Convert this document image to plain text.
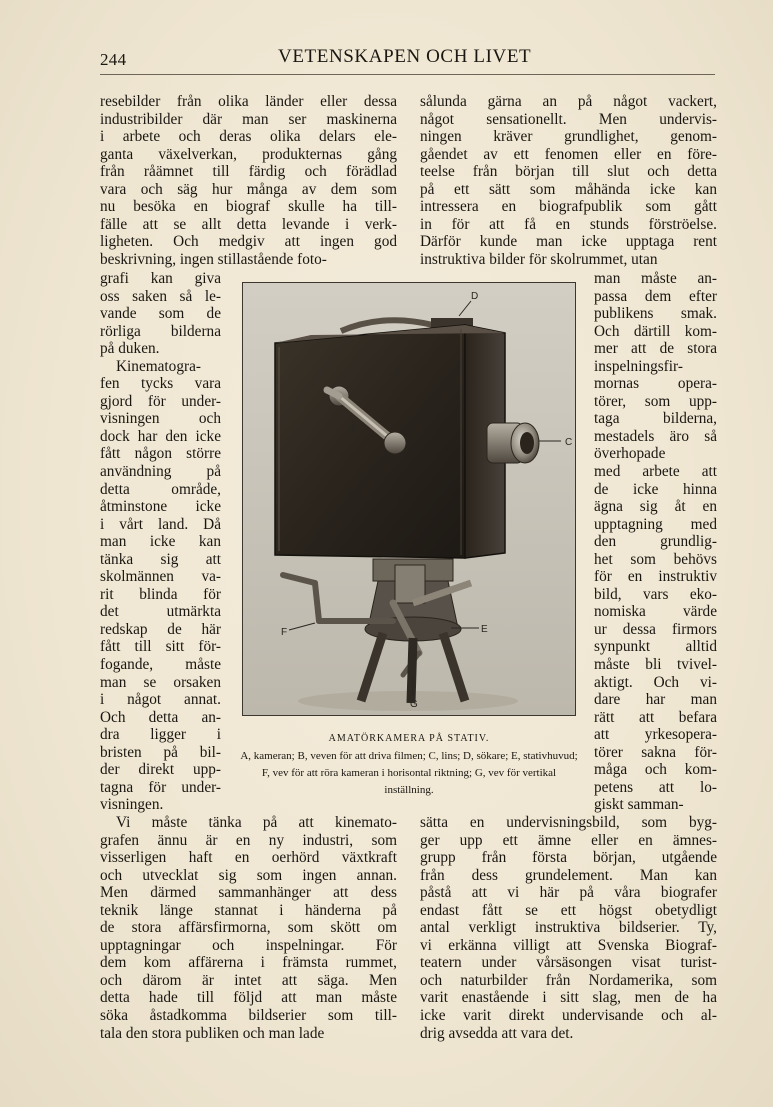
244	VETENSKAPEN OCH LIVET
resebilder från olika länder eller dessa
industribilder där man ser maskinerna
i arbete och deras olika delars ele-
ganta växelverkan, produkternas gång
från råämnet till färdig och förädlad
vara och säg hur många av dem som
nu besöka en biograf skulle ha till-
fälle att se allt detta levande i verk-
ligheten. Och medgiv att ingen god
beskrivning, ingen stillastående foto-
grafi kan giva
oss saken så le-
vande som de
rörliga bilderna
på duken.
Kinematogra-
fen tycks vara
gjord för under-
visningen och
dock har den icke
fått någon större
användning på
detta område,
åtminstone icke
i vårt land. Då
man icke kan
tänka sig att
skolmännen va-
rit blinda för
det utmärkta
redskap de här
fått till sitt för-
fogande, måste
man se orsaken
i något annat.
Och detta an-
dra ligger i
bristen på bil-
der direkt upp-
tagna för under-
visningen.
Vi måste tänka på att kinemato-
grafen ännu är en ny industri, som
visserligen haft en oerhörd växtkraft
och utvecklat sig som ingen annan.
Men därmed sammanhänger att dess
teknik länge stannat i händerna på
de stora affärsfirmorna, som skött om
upptagningar och inspelningar. För
dem kom affärerna i främsta rummet,
och därom är intet att säga. Men
detta hade till följd att man måste
söka åstadkomma bildserier som till-
tala den stora publiken och man lade
sålunda gärna an på något vackert,
något sensationellt. Men undervis-
ningen kräver grundlighet, genom-
gåendet av ett fenomen eller en före-
teelse från början till slut och detta
på ett sätt som måhända icke kan
intressera en biografpublik som gått
in för att få en stunds förströelse.
Därför kunde man icke upptaga rent
instruktiva bilder för skolrummet, utan
man måste an-
passa dem efter
publikens smak.
Och därtill kom-
mer att de stora
inspelningsfir-
mornas opera-
törer, som upp-
taga bilderna,
mestadels äro så
överhopade
med arbete att
de icke hinna
ägna sig åt en
upptagning med
den grundlig-
het som behövs
för en instruktiv
bild, vars eko-
nomiska värde
ur dessa firmors
synpunkt alltid
måste bli tvivel-
aktigt. Och vi-
dare har man
rätt att befara
att yrkesopera-
törer sakna för-
måga och kom-
petens att lo-
giskt samman-
sätta en undervisningsbild, som byg-
ger upp ett ämne eller en ämnes-
grupp från första början, utgående
från dess grundelement. Man kan
påstå att vi här på våra biografer
endast fått se ett högst obetydligt
antal verkligt instruktiva bildserier. Ty,
vi erkänna villigt att Svenska Biograf-
teatern under vårsäsongen visat turist-
och naturbilder från Nordamerika, som
varit enastående i sitt slag, men de ha
icke varit direkt undervisande och al-
drig avsedda att vara det.
A
B
C
D
E
F
G
AMATÖRKAMERA PÅ STATIV.
A, kameran; B, veven för att driva filmen; C, lins; D, sökare; E, stativhuvud; F, vev för att röra kameran i horisontal riktning; G, vev för vertikal inställning.
